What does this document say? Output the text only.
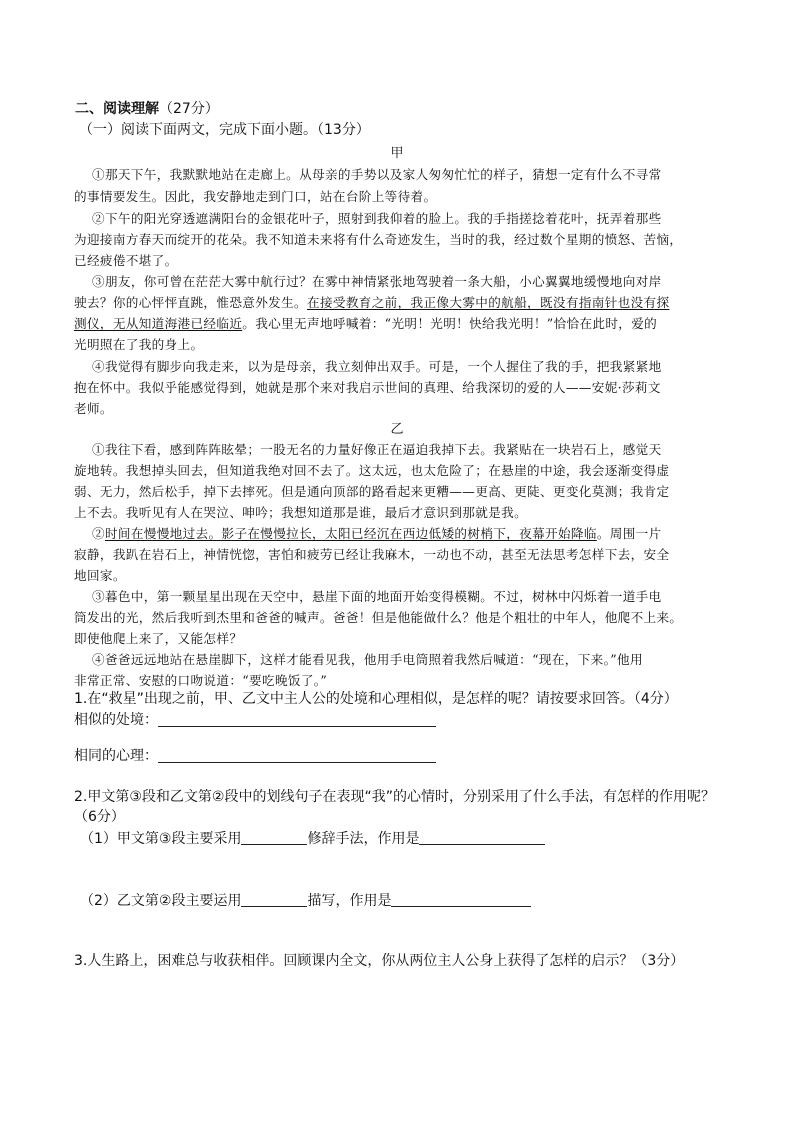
二、阅读理解（27分）
（一）阅读下面两文，完成下面小题。（13分）
甲
①那天下午，我默默地站在走廊上。从母亲的手势以及家人匆匆忙忙的样子，猜想一定有什么不寻常
的事情要发生。因此，我安静地走到门口，站在台阶上等待着。
②下午的阳光穿透遮满阳台的金银花叶子，照射到我仰着的脸上。我的手指搓捻着花叶，抚弄着那些
为迎接南方春天而绽开的花朵。我不知道未来将有什么奇迹发生，当时的我，经过数个星期的愤怒、苦恼，
已经疲倦不堪了。
③朋友，你可曾在茫茫大雾中航行过？在雾中神情紧张地驾驶着一条大船，小心翼翼地缓慢地向对岸
驶去？你的心怦怦直跳，惟恐意外发生。在接受教育之前，我正像大雾中的航船，既没有指南针也没有探
测仪，无从知道海港已经临近。我心里无声地呼喊着：“光明！光明！快给我光明！”恰恰在此时，爱的
光明照在了我的身上。
④我觉得有脚步向我走来，以为是母亲，我立刻伸出双手。可是，一个人握住了我的手，把我紧紧地
抱在怀中。我似乎能感觉得到，她就是那个来对我启示世间的真理、给我深切的爱的人——安妮·莎莉文
老师。
乙
①我往下看，感到阵阵眩晕；一股无名的力量好像正在逼迫我掉下去。我紧贴在一块岩石上，感觉天
旋地转。我想掉头回去，但知道我绝对回不去了。这太远，也太危险了；在悬崖的中途，我会逐渐变得虚
弱、无力，然后松手，掉下去摔死。但是通向顶部的路看起来更糟——更高、更陡、更变化莫测；我肯定
上不去。我听见有人在哭泣、呻吟；我想知道那是谁，最后才意识到那就是我。
②时间在慢慢地过去。影子在慢慢拉长，太阳已经沉在西边低矮的树梢下，夜幕开始降临。周围一片
寂静，我趴在岩石上，神情恍惚，害怕和疲劳已经让我麻木，一动也不动，甚至无法思考怎样下去，安全
地回家。
③暮色中，第一颗星星出现在天空中，悬崖下面的地面开始变得模糊。不过，树林中闪烁着一道手电
筒发出的光，然后我听到杰里和爸爸的喊声。爸爸！但是他能做什么？他是个粗壮的中年人，他爬不上来。
即使他爬上来了，又能怎样？
④爸爸远远地站在悬崖脚下，这样才能看见我，他用手电筒照着我然后喊道：“现在，下来。”他用
非常正常、安慰的口吻说道：“要吃晚饭了。”
1.在“救星”出现之前，甲、乙文中主人公的处境和心理相似，是怎样的呢？请按要求回答。（4分）
相似的处境：
相同的心理：
2.甲文第③段和乙文第②段中的划线句子在表现“我”的心情时，分别采用了什么手法，有怎样的作用呢？
（6分）
（1）甲文第③段主要采用	修辞手法，作用是
（2）乙文第②段主要运用	描写，作用是
3.人生路上，困难总与收获相伴。回顾课内全文，你从两位主人公身上获得了怎样的启示？（3分）
